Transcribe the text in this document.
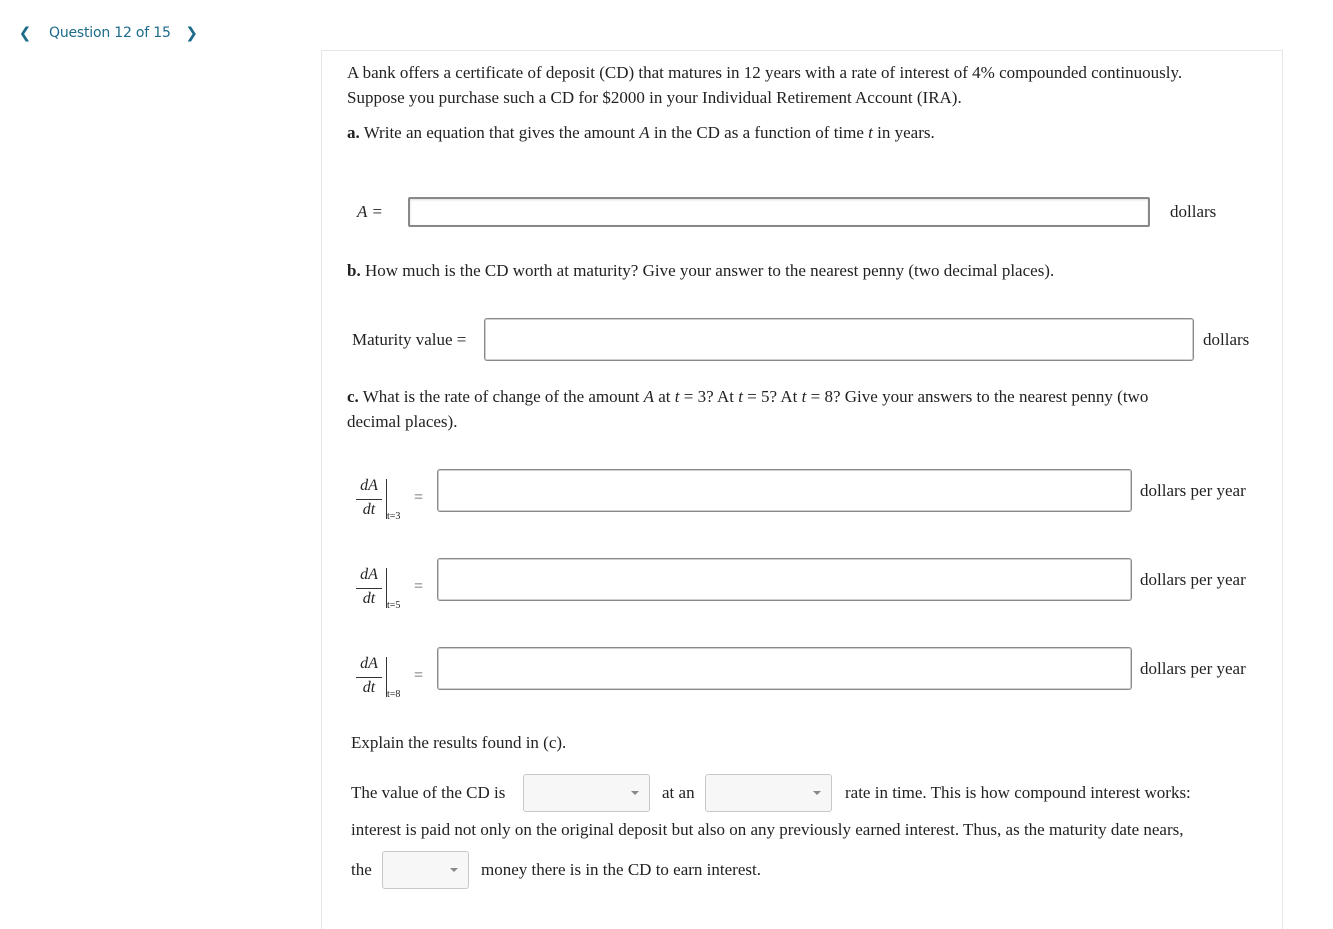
❮ Question 12 of 15 ❯
A bank offers a certificate of deposit (CD) that matures in 12 years with a rate of interest of 4% compounded continuously.
Suppose you purchase such a CD for $2000 in your Individual Retirement Account (IRA).
a. Write an equation that gives the amount A in the CD as a function of time t in years.
A =	dollars
b. How much is the CD worth at maturity? Give your answer to the nearest penny (two decimal places).
Maturity value =	dollars
c. What is the rate of change of the amount A at t = 3? At t = 5? At t = 8? Give your answers to the nearest penny (two
decimal places).
dA
dt	t=3
=	dollars per year
dA
dt	t=5
=	dollars per year
dA
dt	t=8
=	dollars per year
Explain the results found in (c).
The value of the CD is	at an	rate in time. This is how compound interest works:
interest is paid not only on the original deposit but also on any previously earned interest. Thus, as the maturity date nears,
the	money there is in the CD to earn interest.
